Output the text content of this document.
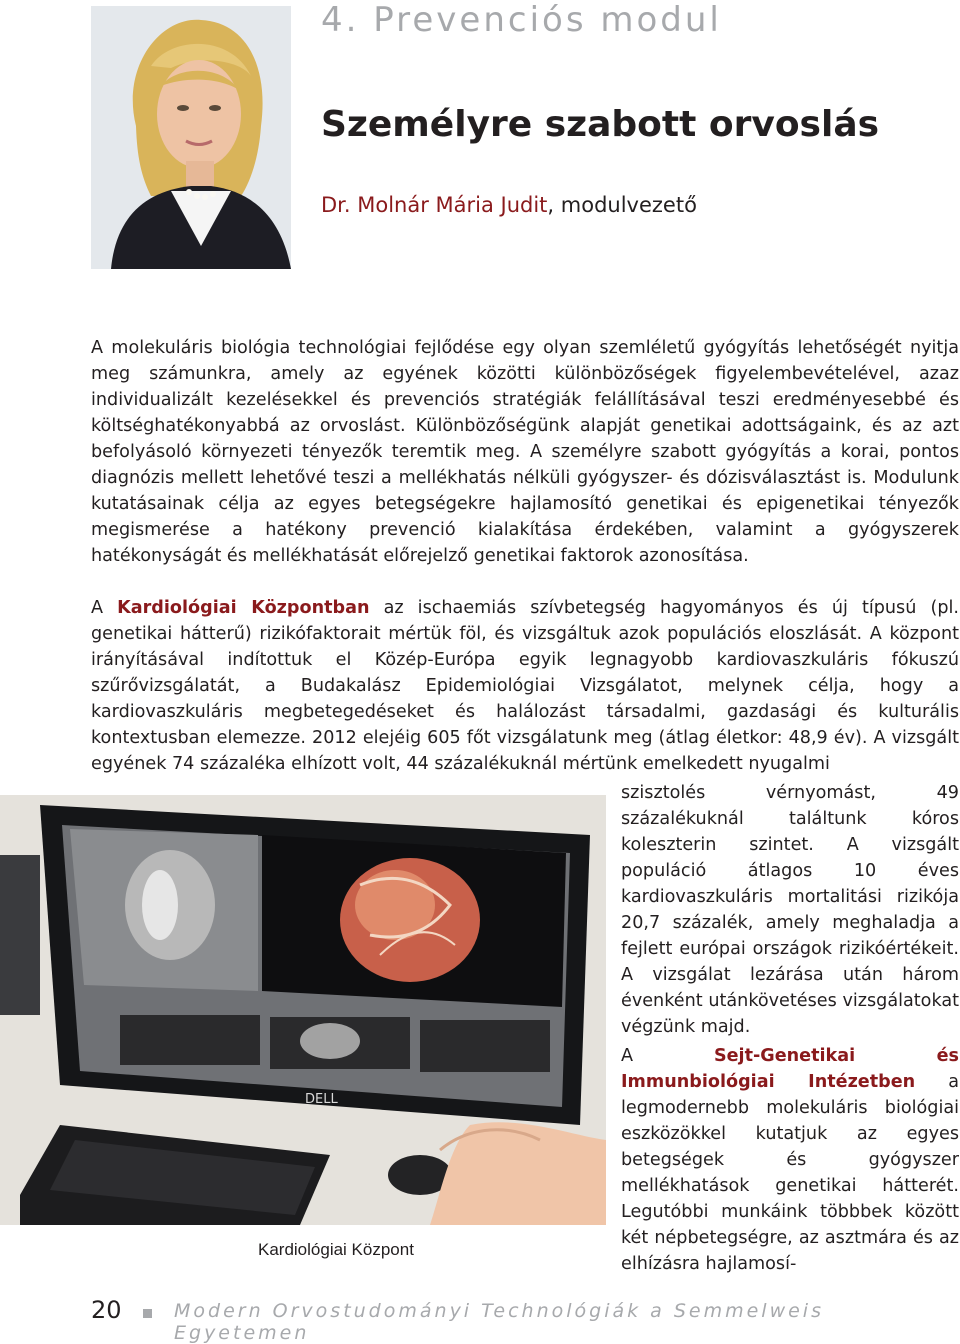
4. Prevenciós modul
Személyre szabott orvoslás
Dr. Molnár Mária Judit, modulvezető

A molekuláris biológia technológiai fejlődése egy olyan szemléletű gyógyítás lehetőségét nyitja meg számunkra, amely az egyének közötti különbözőségek figyelembevételével, azaz individualizált kezelésekkel és prevenciós stratégiák felállításával teszi eredményesebbé és költséghatékonyabbá az orvoslást. Különbözőségünk alapját genetikai adottságaink, és az azt befolyásoló környezeti tényezők teremtik meg. A személyre szabott gyógyítás a korai, pontos diagnózis mellett lehetővé teszi a mellékhatás nélküli gyógyszer- és dózisválasztást is. Modulunk kutatásainak célja az egyes betegségekre hajlamosító genetikai és epigenetikai tényezők megismerése a hatékony prevenció kialakítása érdekében, valamint a gyógyszerek hatékonyságát és mellékhatását előrejelző genetikai faktorok azonosítása.

A Kardiológiai Központban az ischaemiás szívbetegség hagyományos és új típusú (pl. genetikai hátterű) rizikófaktorait mértük föl, és vizsgáltuk azok populációs eloszlását. A központ irányításával indítottuk el Közép-Európa egyik legnagyobb kardiovaszkuláris fókuszú szűrővizsgálatát, a Budakalász Epidemiológiai Vizsgálatot, melynek célja, hogy a kardiovaszkuláris megbetegedéseket és halálozást társadalmi, gazdasági és kulturális kontextusban elemezze. 2012 elejéig 605 főt vizsgálatunk meg (átlag életkor: 48,9 év). A vizsgált egyének 74 százaléka elhízott volt, 44 százalékuknál mértünk emelkedett nyugalmi

DELL
Kardiológiai Központ

szisztolés vérnyomást, 49 százalékuknál találtunk kóros koleszterin szintet. A vizsgált populáció átlagos 10 éves kardiovaszkuláris mortalitási rizikója 20,7 százalék, amely meghaladja a fejlett európai országok rizikóértékeit. A vizsgálat lezárása után három évenként utánkövetéses vizsgálatokat végzünk majd.

A Sejt-Genetikai és Immunbiológiai Intézetben a legmodernebb molekuláris biológiai eszközökkel kutatjuk az egyes betegségek és gyógyszer mellékhatások genetikai hátterét. Legutóbbi munkáink többbek között két népbetegségre, az asztmára és az elhízásra hajlamosí-

20	Modern Orvostudományi Technológiák a Semmelweis Egyetemen
